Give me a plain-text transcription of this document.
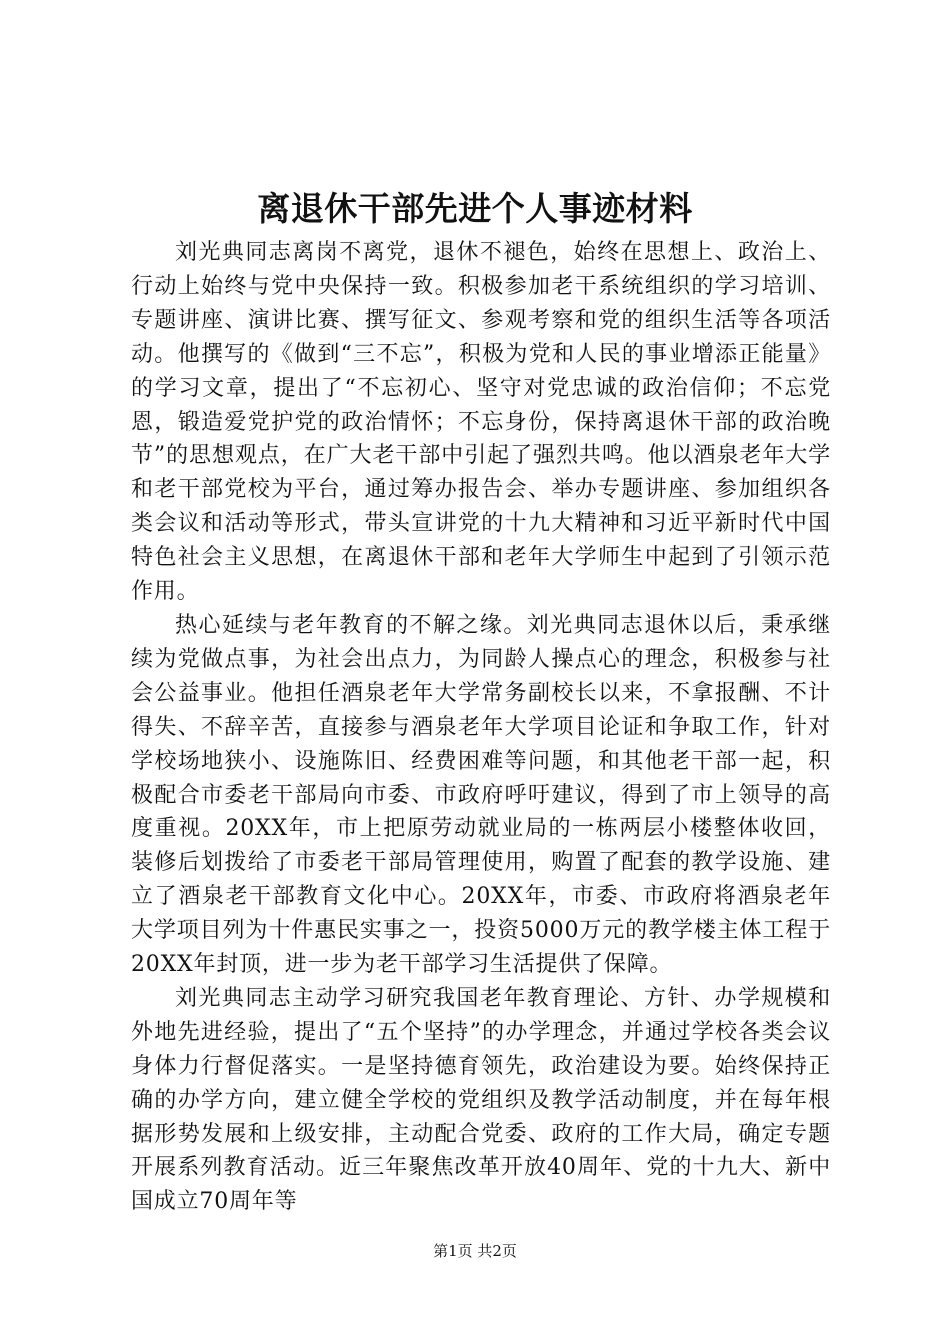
离退休干部先进个人事迹材料

刘光典同志离岗不离党，退休不褪色，始终在思想上、政治上、行动上始终与党中央保持一致。积极参加老干系统组织的学习培训、专题讲座、演讲比赛、撰写征文、参观考察和党的组织生活等各项活动。他撰写的《做到“三不忘”，积极为党和人民的事业增添正能量》的学习文章，提出了“不忘初心、坚守对党忠诚的政治信仰；不忘党恩，锻造爱党护党的政治情怀；不忘身份，保持离退休干部的政治晚节”的思想观点，在广大老干部中引起了强烈共鸣。他以酒泉老年大学和老干部党校为平台，通过筹办报告会、举办专题讲座、参加组织各类会议和活动等形式，带头宣讲党的十九大精神和习近平新时代中国特色社会主义思想，在离退休干部和老年大学师生中起到了引领示范作用。

热心延续与老年教育的不解之缘。刘光典同志退休以后，秉承继续为党做点事，为社会出点力，为同龄人操点心的理念，积极参与社会公益事业。他担任酒泉老年大学常务副校长以来，不拿报酬、不计得失、不辞辛苦，直接参与酒泉老年大学项目论证和争取工作，针对学校场地狭小、设施陈旧、经费困难等问题，和其他老干部一起，积极配合市委老干部局向市委、市政府呼吁建议，得到了市上领导的高度重视。20XX年，市上把原劳动就业局的一栋两层小楼整体收回，装修后划拨给了市委老干部局管理使用，购置了配套的教学设施、建立了酒泉老干部教育文化中心。20XX年，市委、市政府将酒泉老年大学项目列为十件惠民实事之一，投资5000万元的教学楼主体工程于20XX年封顶，进一步为老干部学习生活提供了保障。

刘光典同志主动学习研究我国老年教育理论、方针、办学规模和外地先进经验，提出了“五个坚持”的办学理念，并通过学校各类会议身体力行督促落实。一是坚持德育领先，政治建设为要。始终保持正确的办学方向，建立健全学校的党组织及教学活动制度，并在每年根据形势发展和上级安排，主动配合党委、政府的工作大局，确定专题开展系列教育活动。近三年聚焦改革开放40周年、党的十九大、新中国成立70周年等

第1页 共2页
